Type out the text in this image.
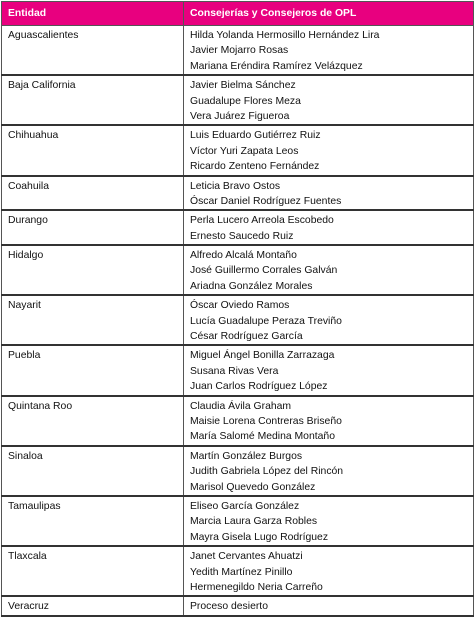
Entidad	Consejerías y Consejeros de OPL

Aguascalientes	Hilda Yolanda Hermosillo Hernández Lira
Javier Mojarro Rosas
Mariana Eréndira Ramírez Velázquez

Baja California	Javier Bielma Sánchez
Guadalupe Flores Meza
Vera Juárez Figueroa

Chihuahua	Luis Eduardo Gutiérrez Ruiz
Víctor Yuri Zapata Leos
Ricardo Zenteno Fernández

Coahuila	Leticia Bravo Ostos
Óscar Daniel Rodríguez Fuentes

Durango	Perla Lucero Arreola Escobedo
Ernesto Saucedo Ruiz

Hidalgo	Alfredo Alcalá Montaño
José Guillermo Corrales Galván
Ariadna González Morales

Nayarit	Óscar Oviedo Ramos
Lucía Guadalupe Peraza Treviño
César Rodríguez García

Puebla	Miguel Ángel Bonilla Zarrazaga
Susana Rivas Vera
Juan Carlos Rodríguez López

Quintana Roo	Claudia Ávila Graham
Maisie Lorena Contreras Briseño
María Salomé Medina Montaño

Sinaloa	Martín González Burgos
Judith Gabriela López del Rincón
Marisol Quevedo González

Tamaulipas	Eliseo García González
Marcia Laura Garza Robles
Mayra Gisela Lugo Rodríguez

Tlaxcala	Janet Cervantes Ahuatzi
Yedith Martínez Pinillo
Hermenegildo Neria Carreño

Veracruz	Proceso desierto
